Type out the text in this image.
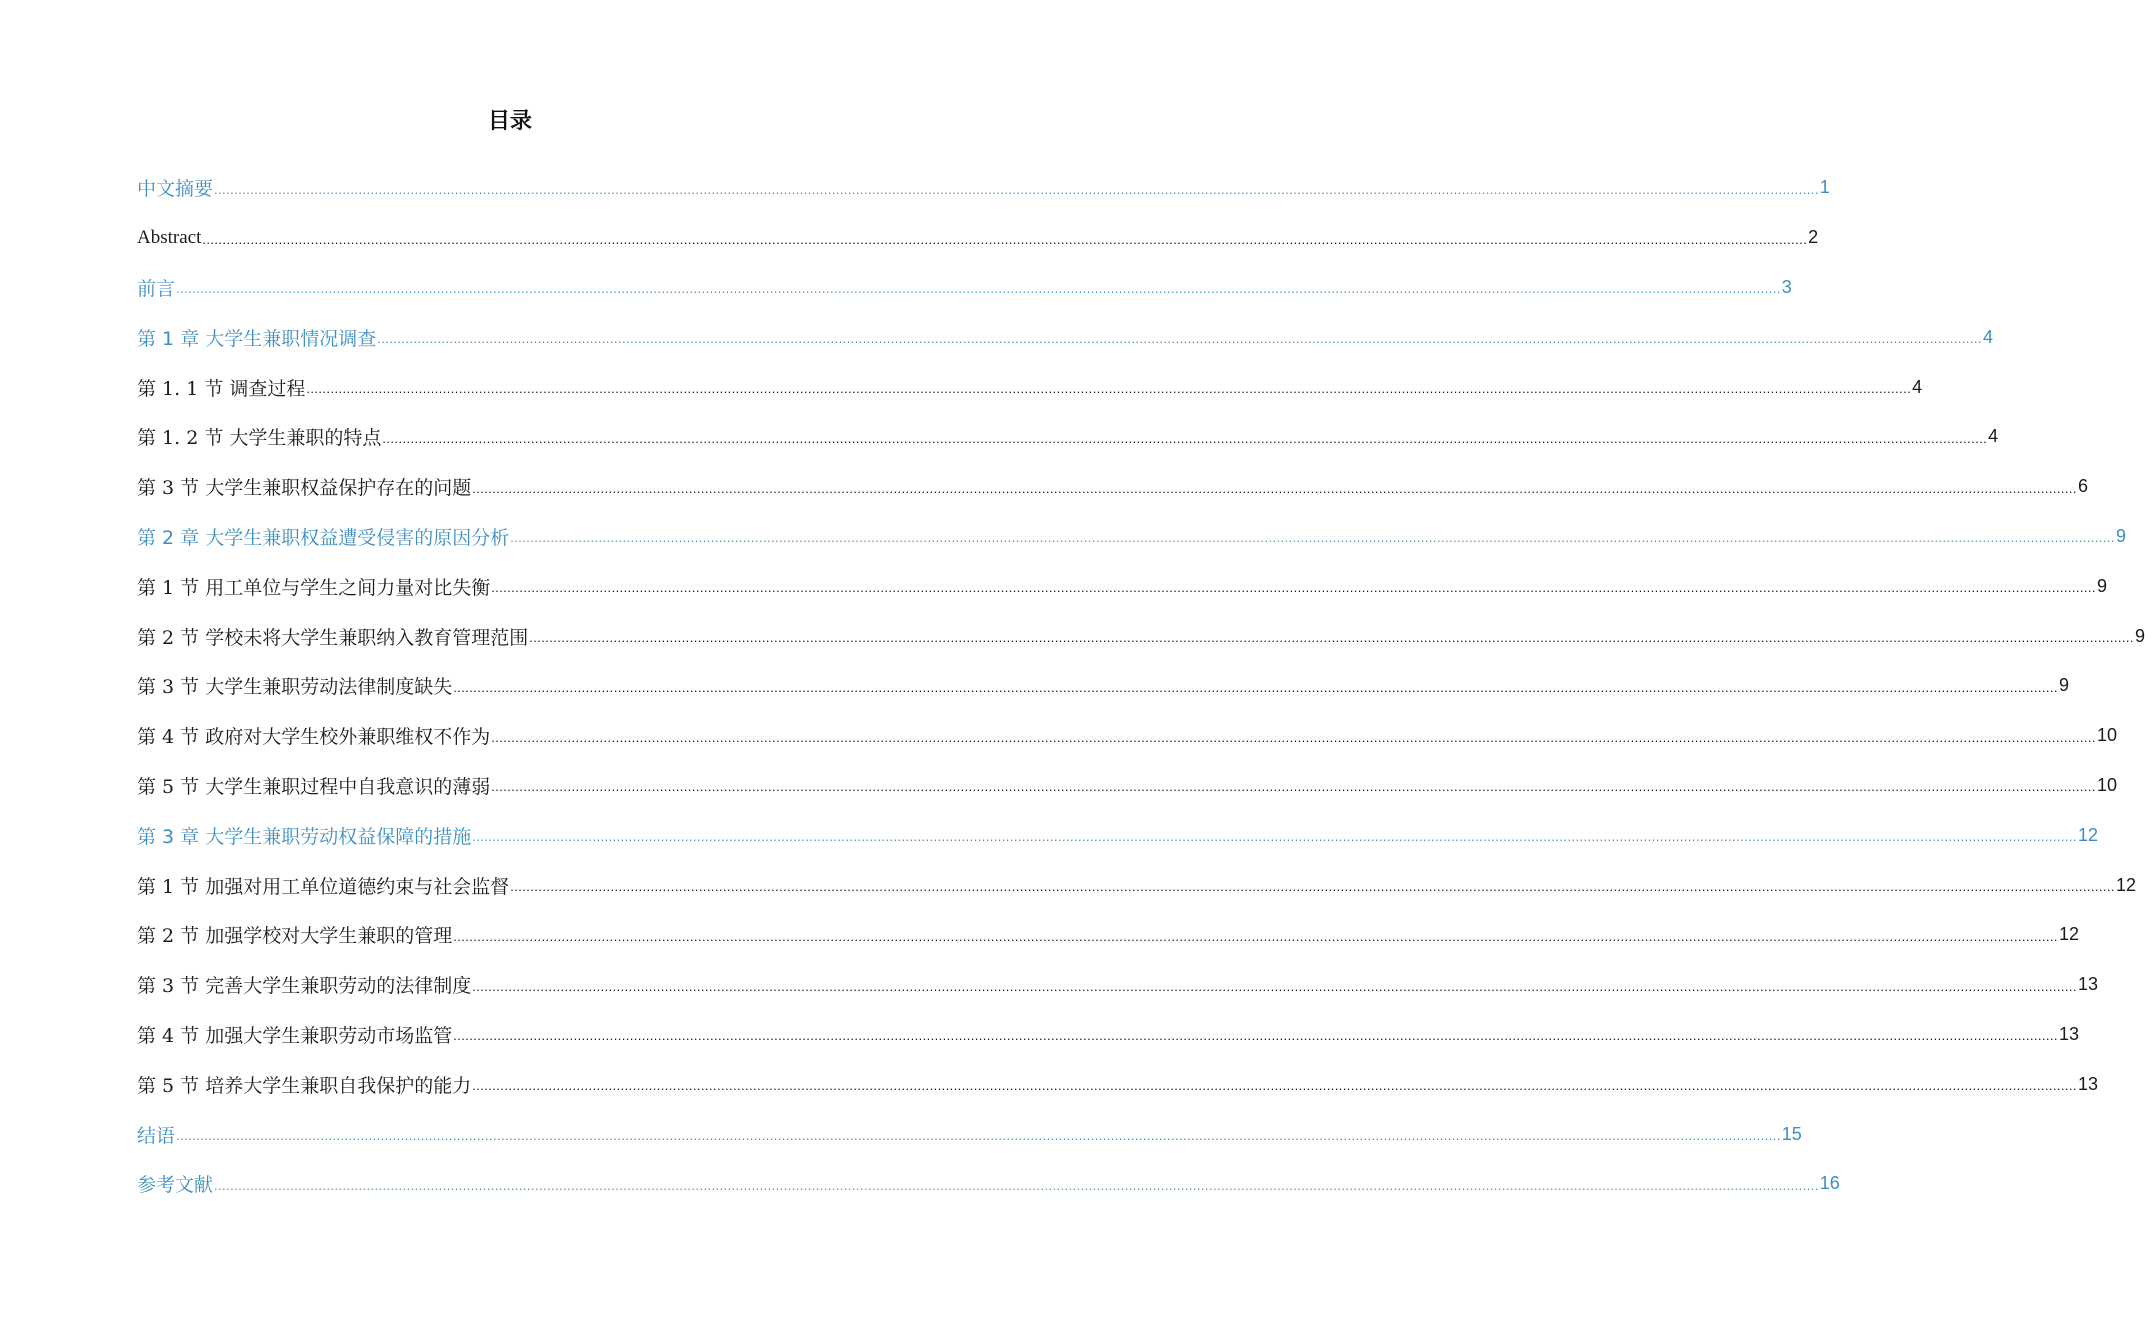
目录
中文摘要 ................................................................................................................................................................................................................................................................................................................................................................................................................ 1
Abstract ................................................................................................................................................................................................................................................................................................................................................................................................................ 2
前言 ................................................................................................................................................................................................................................................................................................................................................................................................................ 3
第 1 章 大学生兼职情况调查 ................................................................................................................................................................................................................................................................................................................................................................................................................ 4
第 1. 1 节 调查过程 ................................................................................................................................................................................................................................................................................................................................................................................................................ 4
第 1. 2 节 大学生兼职的特点 ................................................................................................................................................................................................................................................................................................................................................................................................................ 4
第 3 节 大学生兼职权益保护存在的问题 ................................................................................................................................................................................................................................................................................................................................................................................................................ 6
第 2 章 大学生兼职权益遭受侵害的原因分析 ................................................................................................................................................................................................................................................................................................................................................................................................................ 9
第 1 节 用工单位与学生之间力量对比失衡 ................................................................................................................................................................................................................................................................................................................................................................................................................ 9
第 2 节 学校未将大学生兼职纳入教育管理范围 ................................................................................................................................................................................................................................................................................................................................................................................................................ 9
第 3 节 大学生兼职劳动法律制度缺失 ................................................................................................................................................................................................................................................................................................................................................................................................................ 9
第 4 节 政府对大学生校外兼职维权不作为 ................................................................................................................................................................................................................................................................................................................................................................................................................ 10
第 5 节 大学生兼职过程中自我意识的薄弱 ................................................................................................................................................................................................................................................................................................................................................................................................................ 10
第 3 章 大学生兼职劳动权益保障的措施 ................................................................................................................................................................................................................................................................................................................................................................................................................ 12
第 1 节 加强对用工单位道德约束与社会监督 ................................................................................................................................................................................................................................................................................................................................................................................................................ 12
第 2 节 加强学校对大学生兼职的管理 ................................................................................................................................................................................................................................................................................................................................................................................................................ 12
第 3 节 完善大学生兼职劳动的法律制度 ................................................................................................................................................................................................................................................................................................................................................................................................................ 13
第 4 节 加强大学生兼职劳动市场监管 ................................................................................................................................................................................................................................................................................................................................................................................................................ 13
第 5 节 培养大学生兼职自我保护的能力 ................................................................................................................................................................................................................................................................................................................................................................................................................ 13
结语 ................................................................................................................................................................................................................................................................................................................................................................................................................ 15
参考文献 ................................................................................................................................................................................................................................................................................................................................................................................................................ 16
